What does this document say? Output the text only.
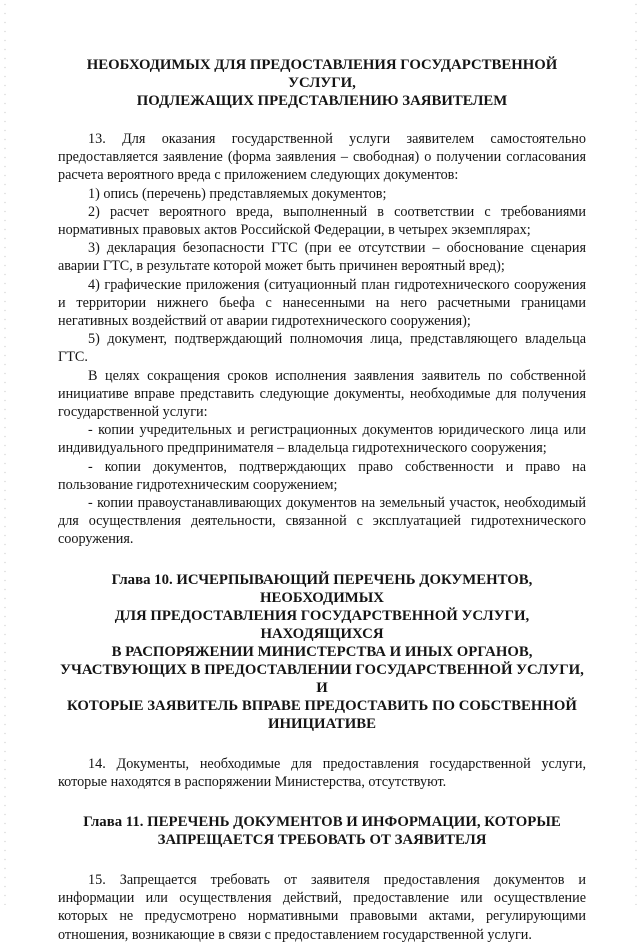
НЕОБХОДИМЫХ ДЛЯ ПРЕДОСТАВЛЕНИЯ ГОСУДАРСТВЕННОЙ УСЛУГИ,
ПОДЛЕЖАЩИХ ПРЕДСТАВЛЕНИЮ ЗАЯВИТЕЛЕМ

13. Для оказания государственной услуги заявителем самостоятельно предоставляется заявление (форма заявления – свободная) о получении согласования расчета вероятного вреда с приложением следующих документов:

1) опись (перечень) представляемых документов;

2) расчет вероятного вреда, выполненный в соответствии с требованиями нормативных правовых актов Российской Федерации, в четырех экземплярах;

3) декларация безопасности ГТС (при ее отсутствии – обоснование сценария аварии ГТС, в результате которой может быть причинен вероятный вред);

4) графические приложения (ситуационный план гидротехнического сооружения и территории нижнего бьефа с нанесенными на него расчетными границами негативных воздействий от аварии гидротехнического сооружения);

5) документ, подтверждающий полномочия лица, представляющего владельца ГТС.

В целях сокращения сроков исполнения заявления заявитель по собственной инициативе вправе представить следующие документы, необходимые для получения государственной услуги:

- копии учредительных и регистрационных документов юридического лица или индивидуального предпринимателя – владельца гидротехнического сооружения;

- копии документов, подтверждающих право собственности и право на пользование гидротехническим сооружением;

- копии правоустанавливающих документов на земельный участок, необходимый для осуществления деятельности, связанной с эксплуатацией гидротехнического сооружения.

Глава 10. ИСЧЕРПЫВАЮЩИЙ ПЕРЕЧЕНЬ ДОКУМЕНТОВ, НЕОБХОДИМЫХ
ДЛЯ ПРЕДОСТАВЛЕНИЯ ГОСУДАРСТВЕННОЙ УСЛУГИ, НАХОДЯЩИХСЯ
В РАСПОРЯЖЕНИИ МИНИСТЕРСТВА И ИНЫХ ОРГАНОВ,
УЧАСТВУЮЩИХ В ПРЕДОСТАВЛЕНИИ ГОСУДАРСТВЕННОЙ УСЛУГИ, И
КОТОРЫЕ ЗАЯВИТЕЛЬ ВПРАВЕ ПРЕДОСТАВИТЬ ПО СОБСТВЕННОЙ
ИНИЦИАТИВЕ

14. Документы, необходимые для предоставления государственной услуги, которые находятся в распоряжении Министерства, отсутствуют.

Глава 11. ПЕРЕЧЕНЬ ДОКУМЕНТОВ И ИНФОРМАЦИИ, КОТОРЫЕ
ЗАПРЕЩАЕТСЯ ТРЕБОВАТЬ ОТ ЗАЯВИТЕЛЯ

15. Запрещается требовать от заявителя предоставления документов и информации или осуществления действий, предоставление или осуществление которых не предусмотрено нормативными правовыми актами, регулирующими отношения, возникающие в связи с предоставлением государственной услуги.
